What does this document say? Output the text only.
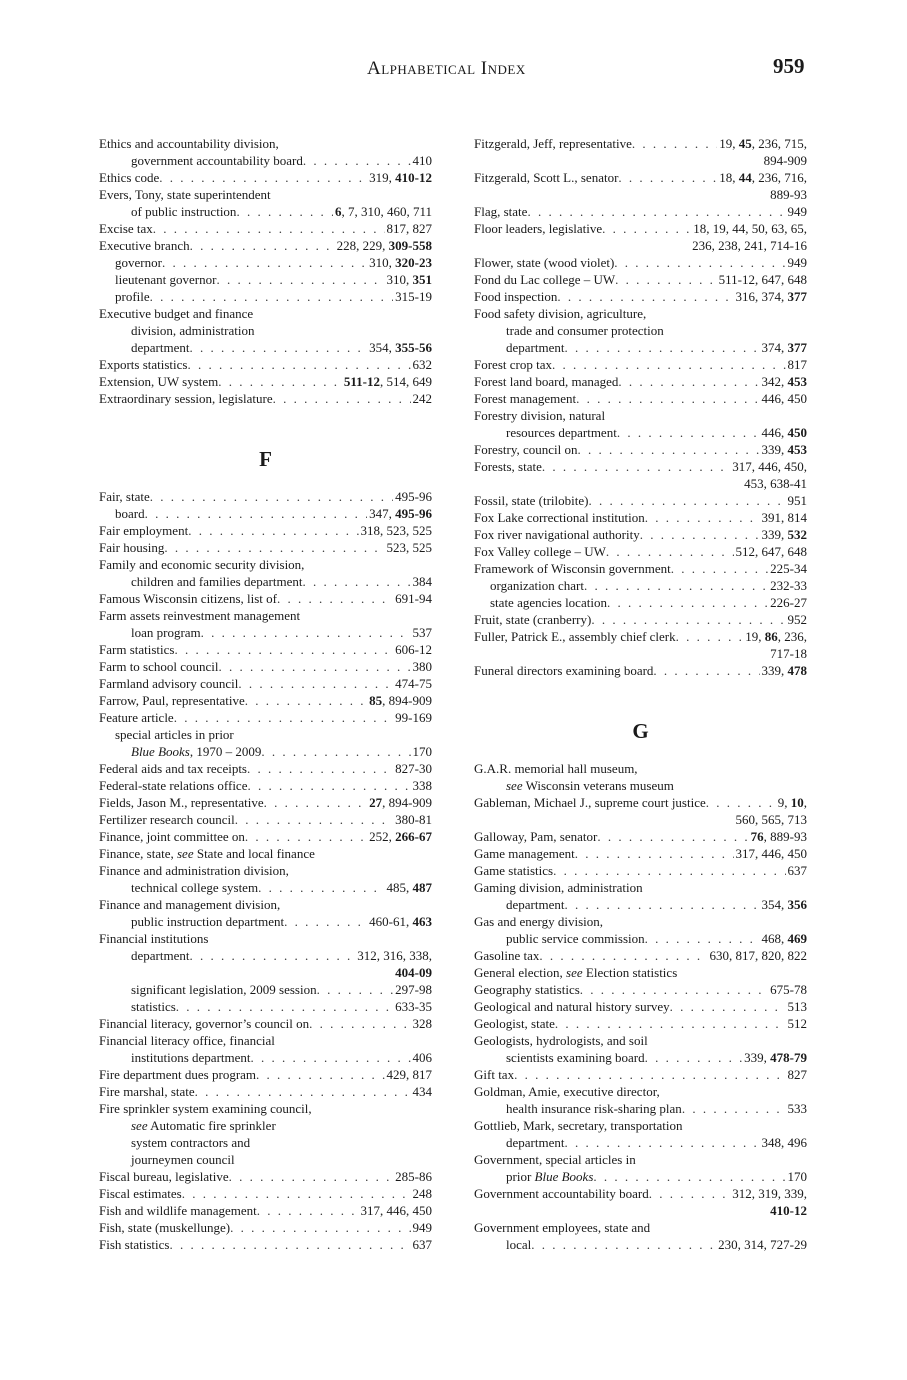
Alphabetical Index	959
Ethics and accountability division,
government accountability board . . .	410
Ethics code . . .	319, 410-12
Evers, Tony, state superintendent
of public instruction . . .	6, 7, 310, 460, 711
Excise tax . . .	817, 827
Executive branch . . .	228, 229, 309-558
governor . . .	310, 320-23
lieutenant governor . . .	310, 351
profile . . .	315-19
Executive budget and finance
division, administration
department . . .	354, 355-56
Exports statistics . . .	632
Extension, UW system . . .	511-12, 514, 649
Extraordinary session, legislature . . .	242
F
Fair, state . . .	495-96
board . . .	347, 495-96
Fair employment . . .	318, 523, 525
Fair housing . . .	523, 525
Family and economic security division,
children and families department . . .	384
Famous Wisconsin citizens, list of . . .	691-94
Farm assets reinvestment management
loan program . . .	537
Farm statistics . . .	606-12
Farm to school council . . .	380
Farmland advisory council . . .	474-75
Farrow, Paul, representative . . .	85, 894-909
Feature article . . .	99-169
special articles in prior
Blue Books, 1970 – 2009 . . .	170
Federal aids and tax receipts . . .	827-30
Federal-state relations office . . .	338
Fields, Jason M., representative . . .	27, 894-909
Fertilizer research council . . .	380-81
Finance, joint committee on . . .	252, 266-67
Finance, state, see State and local finance
Finance and administration division,
technical college system . . .	485, 487
Finance and management division,
public instruction department . . .	460-61, 463
Financial institutions
department . . .	312, 316, 338,
404-09
significant legislation, 2009 session . . .	297-98
statistics . . .	633-35
Financial literacy, governor’s council on . . .	328
Financial literacy office, financial
institutions department . . .	406
Fire department dues program . . .	429, 817
Fire marshal, state . . .	434
Fire sprinkler system examining council,
see Automatic fire sprinkler
system contractors and
journeymen council
Fiscal bureau, legislative . . .	285-86
Fiscal estimates . . .	248
Fish and wildlife management . . .	317, 446, 450
Fish, state (muskellunge) . . .	949
Fish statistics . . .	637
Fitzgerald, Jeff, representative . . .	19, 45, 236, 715,
894-909
Fitzgerald, Scott L., senator . . .	18, 44, 236, 716,
889-93
Flag, state . . .	949
Floor leaders, legislative . . .	18, 19, 44, 50, 63, 65,
236, 238, 241, 714-16
Flower, state (wood violet) . . .	949
Fond du Lac college – UW . . .	511-12, 647, 648
Food inspection . . .	316, 374, 377
Food safety division, agriculture,
trade and consumer protection
department . . .	374, 377
Forest crop tax . . .	817
Forest land board, managed . . .	342, 453
Forest management . . .	446, 450
Forestry division, natural
resources department . . .	446, 450
Forestry, council on . . .	339, 453
Forests, state . . .	317, 446, 450,
453, 638-41
Fossil, state (trilobite) . . .	951
Fox Lake correctional institution . . .	391, 814
Fox river navigational authority . . .	339, 532
Fox Valley college – UW . . .	512, 647, 648
Framework of Wisconsin government . . .	225-34
organization chart . . .	232-33
state agencies location . . .	226-27
Fruit, state (cranberry) . . .	952
Fuller, Patrick E., assembly chief clerk . . .	19, 86, 236,
717-18
Funeral directors examining board . . .	339, 478
G
G.A.R. memorial hall museum,
see Wisconsin veterans museum
Gableman, Michael J., supreme court justice . . .	9, 10,
560, 565, 713
Galloway, Pam, senator . . .	76, 889-93
Game management . . .	317, 446, 450
Game statistics . . .	637
Gaming division, administration
department . . .	354, 356
Gas and energy division,
public service commission . . .	468, 469
Gasoline tax . . .	630, 817, 820, 822
General election, see Election statistics
Geography statistics . . .	675-78
Geological and natural history survey . . .	513
Geologist, state . . .	512
Geologists, hydrologists, and soil
scientists examining board . . .	339, 478-79
Gift tax . . .	827
Goldman, Amie, executive director,
health insurance risk-sharing plan . . .	533
Gottlieb, Mark, secretary, transportation
department . . .	348, 496
Government, special articles in
prior Blue Books . . .	170
Government accountability board . . .	312, 319, 339,
410-12
Government employees, state and
local . . .	230, 314, 727-29
